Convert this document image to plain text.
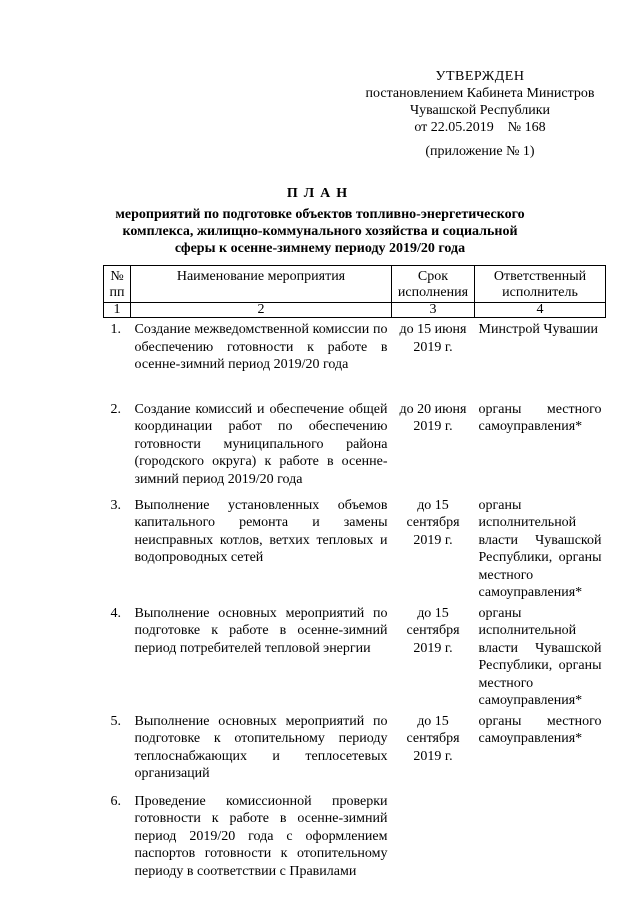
УТВЕРЖДЕН
постановлением Кабинета Министров
Чувашской Республики
от 22.05.2019    № 168
(приложение № 1)
ПЛАН
мероприятий по подготовке объектов топливно-энергетического комплекса, жилищно-коммунального хозяйства и социальной сферы к осенне-зимнему периоду 2019/20 года
№ пп	Наименование мероприятия	Срок исполнения	Ответственный исполнитель
1	2	3	4
1.	Создание межведомственной комиссии по обеспечению готовности к работе в осенне-зимний период 2019/20 года	до 15 июня 2019 г.	Минстрой Чувашии
2.	Создание комиссий и обеспечение общей координации работ по обеспечению готовности муниципального района (городского округа) к работе в осенне-зимний период 2019/20 года	до 20 июня 2019 г.	органы местного самоуправления*
3.	Выполнение установленных объемов капитального ремонта и замены неисправных котлов, ветхих тепловых и водопроводных сетей	до 15 сентября 2019 г.	органы исполнительной власти Чувашской Республики, органы местного самоуправления*
4.	Выполнение основных мероприятий по подготовке к работе в осенне-зимний период потребителей тепловой энергии	до 15 сентября 2019 г.	органы исполнительной власти Чувашской Республики, органы местного самоуправления*
5.	Выполнение основных мероприятий по подготовке к отопительному периоду теплоснабжающих и теплосетевых организаций	до 15 сентября 2019 г.	органы местного самоуправления*
6.	Проведение комиссионной проверки готовности к работе в осенне-зимний период 2019/20 года с оформлением паспортов готовности к отопительному периоду в соответствии с Правилами		
